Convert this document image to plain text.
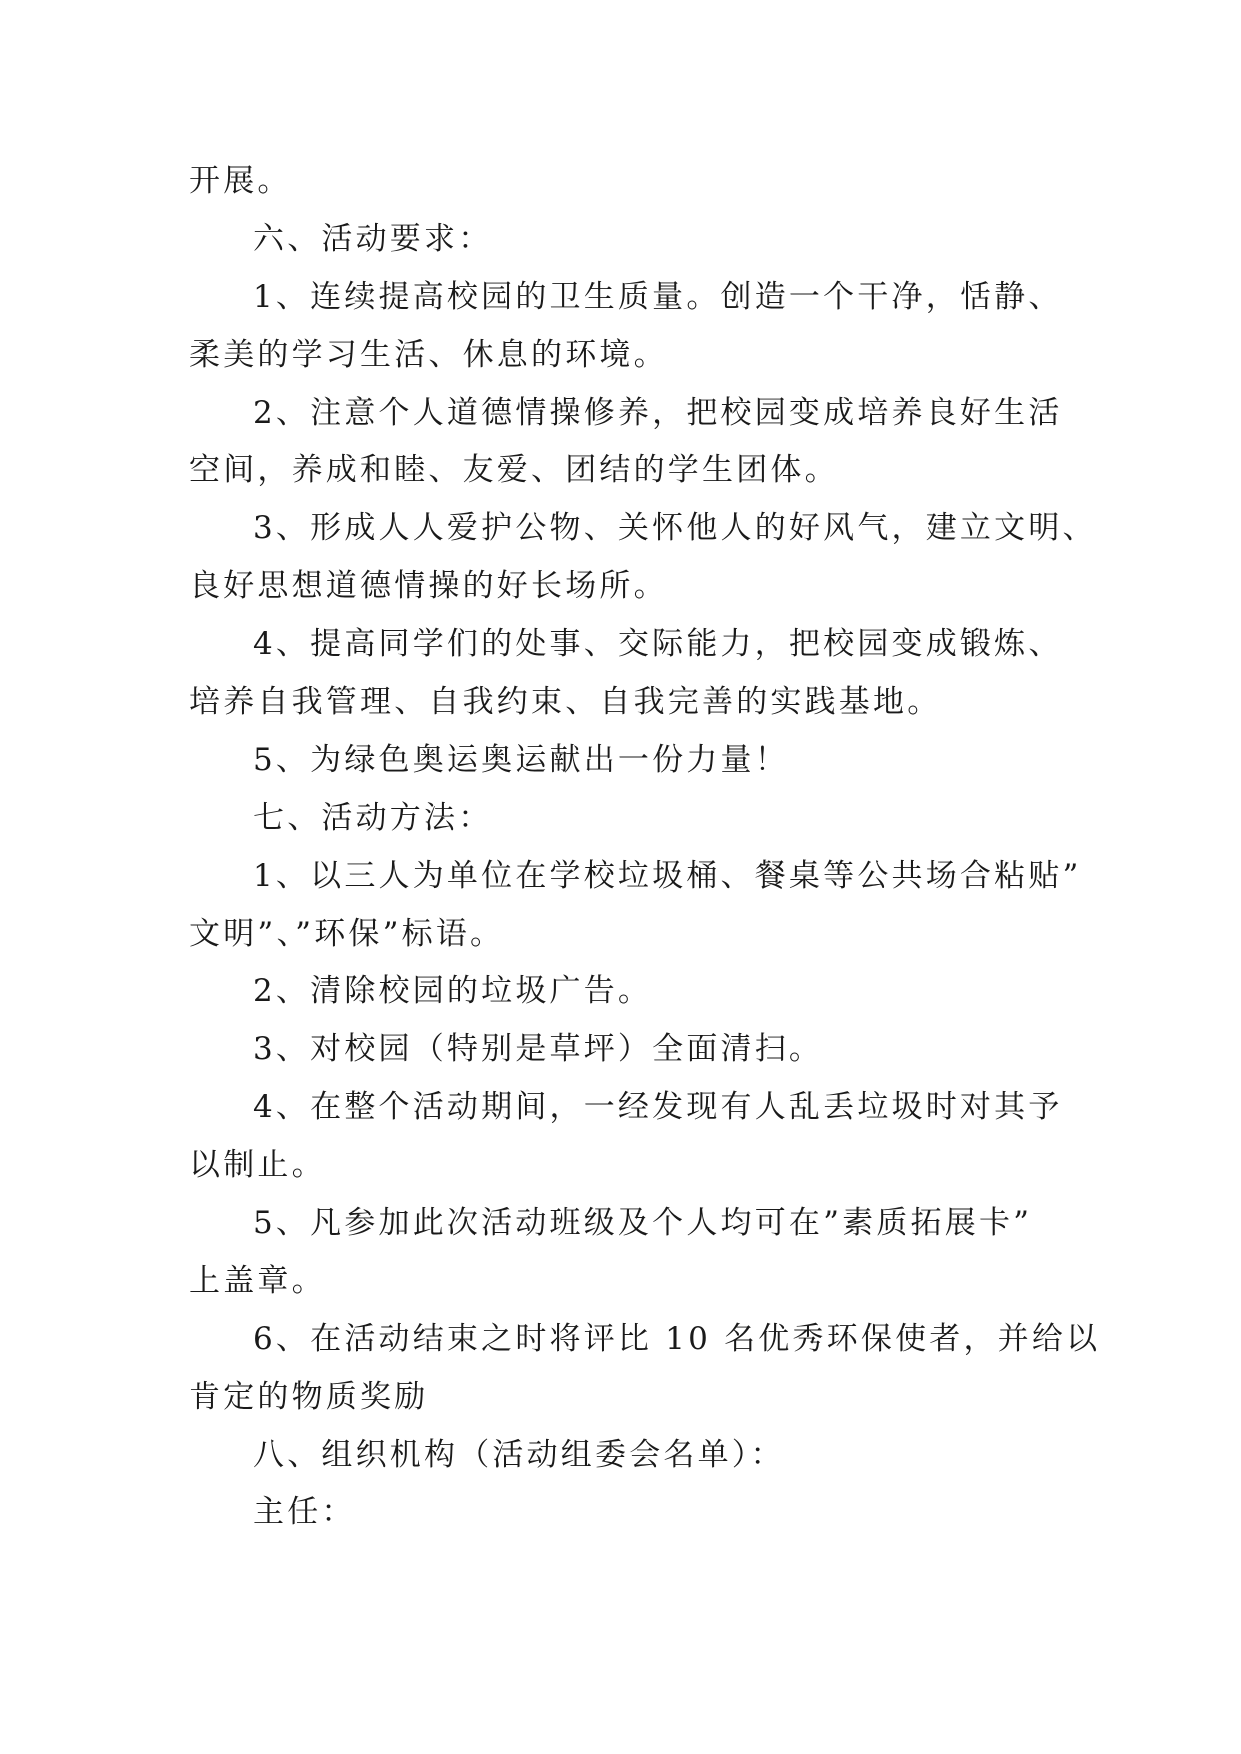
开展。

六、活动要求：

1、连续提高校园的卫生质量。创造一个干净，恬静、

柔美的学习生活、休息的环境。

2、注意个人道德情操修养，把校园变成培养良好生活

空间，养成和睦、友爱、团结的学生团体。

3、形成人人爱护公物、关怀他人的好风气，建立文明、

良好思想道德情操的好长场所。

4、提高同学们的处事、交际能力，把校园变成锻炼、

培养自我管理、自我约束、自我完善的实践基地。

5、为绿色奥运奥运献出一份力量！

七、活动方法：

1、以三人为单位在学校垃圾桶、餐桌等公共场合粘贴”

文明”、”环保”标语。

2、清除校园的垃圾广告。

3、对校园（特别是草坪）全面清扫。

4、在整个活动期间，一经发现有人乱丢垃圾时对其予

以制止。

5、凡参加此次活动班级及个人均可在”素质拓展卡”

上盖章。

6、在活动结束之时将评比 10 名优秀环保使者，并给以

肯定的物质奖励

八、组织机构（活动组委会名单）：

主任：
